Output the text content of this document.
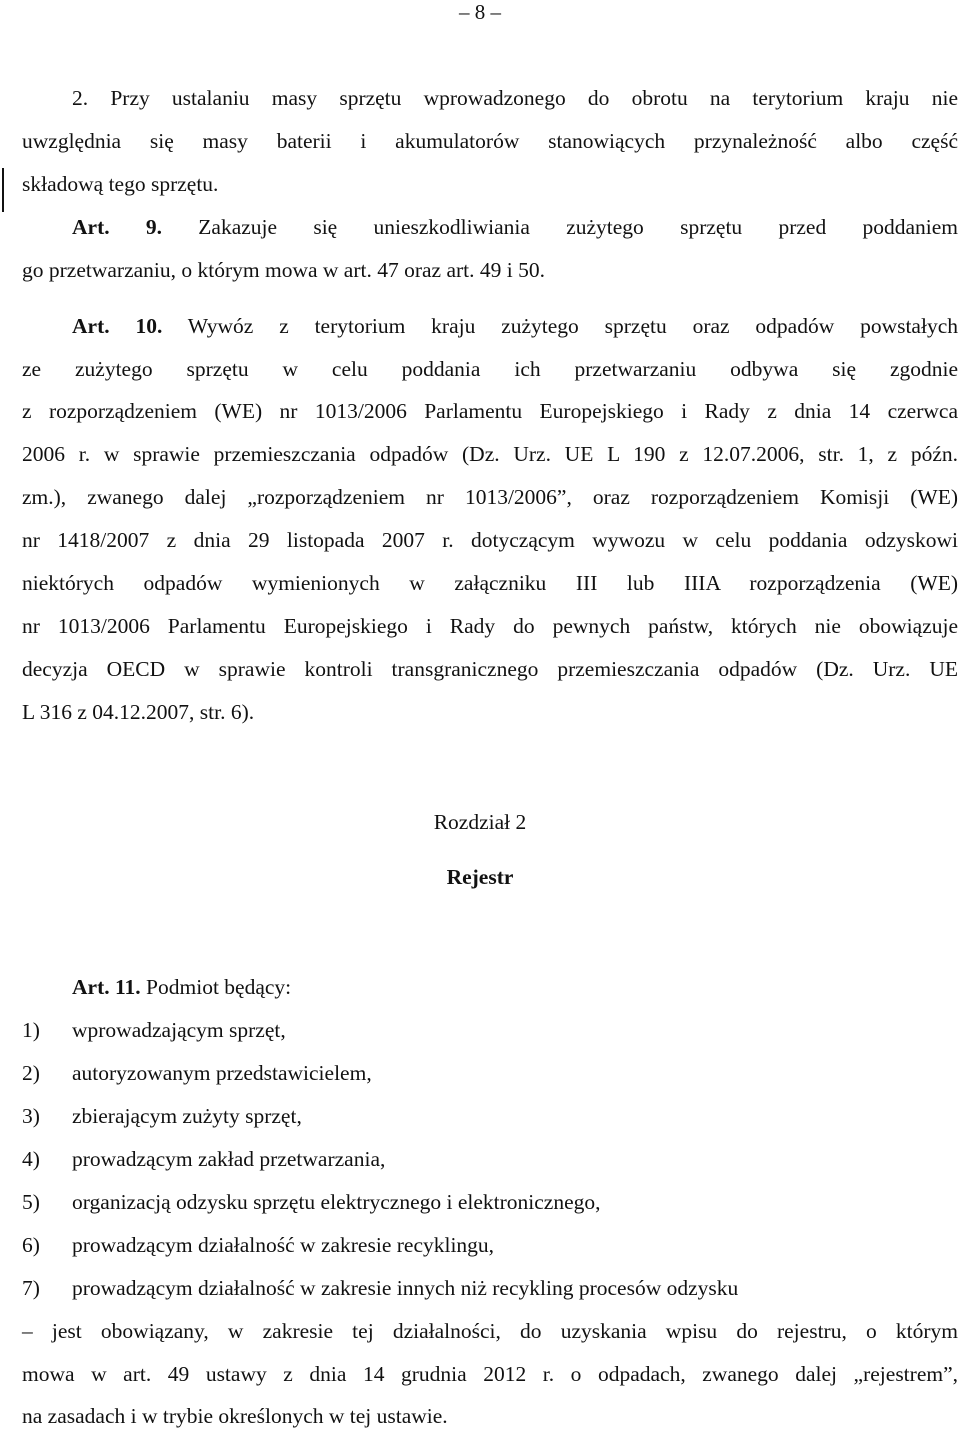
– 8 –
2. Przy ustalaniu masy sprzętu wprowadzonego do obrotu na terytorium kraju nie
uwzględnia się masy baterii i akumulatorów stanowiących przynależność albo część
składową tego sprzętu.
Art. 9. Zakazuje się unieszkodliwiania zużytego sprzętu przed poddaniem
go przetwarzaniu, o którym mowa w art. 47 oraz art. 49 i 50.
Art. 10. Wywóz z terytorium kraju zużytego sprzętu oraz odpadów powstałych
ze zużytego sprzętu w celu poddania ich przetwarzaniu odbywa się zgodnie
z rozporządzeniem (WE) nr 1013/2006 Parlamentu Europejskiego i Rady z dnia 14 czerwca
2006 r. w sprawie przemieszczania odpadów (Dz. Urz. UE L 190 z 12.07.2006, str. 1, z późn.
zm.), zwanego dalej „rozporządzeniem nr 1013/2006”, oraz rozporządzeniem Komisji (WE)
nr 1418/2007 z dnia 29 listopada 2007 r. dotyczącym wywozu w celu poddania odzyskowi
niektórych odpadów wymienionych w załączniku III lub IIIA rozporządzenia (WE)
nr 1013/2006 Parlamentu Europejskiego i Rady do pewnych państw, których nie obowiązuje
decyzja OECD w sprawie kontroli transgranicznego przemieszczania odpadów (Dz. Urz. UE
L 316 z 04.12.2007, str. 6).
Rozdział 2
Rejestr
Art. 11. Podmiot będący:
1) wprowadzającym sprzęt,
2) autoryzowanym przedstawicielem,
3) zbierającym zużyty sprzęt,
4) prowadzącym zakład przetwarzania,
5) organizacją odzysku sprzętu elektrycznego i elektronicznego,
6) prowadzącym działalność w zakresie recyklingu,
7) prowadzącym działalność w zakresie innych niż recykling procesów odzysku
– jest obowiązany, w zakresie tej działalności, do uzyskania wpisu do rejestru, o którym
mowa w art. 49 ustawy z dnia 14 grudnia 2012 r. o odpadach, zwanego dalej „rejestrem”,
na zasadach i w trybie określonych w tej ustawie.
